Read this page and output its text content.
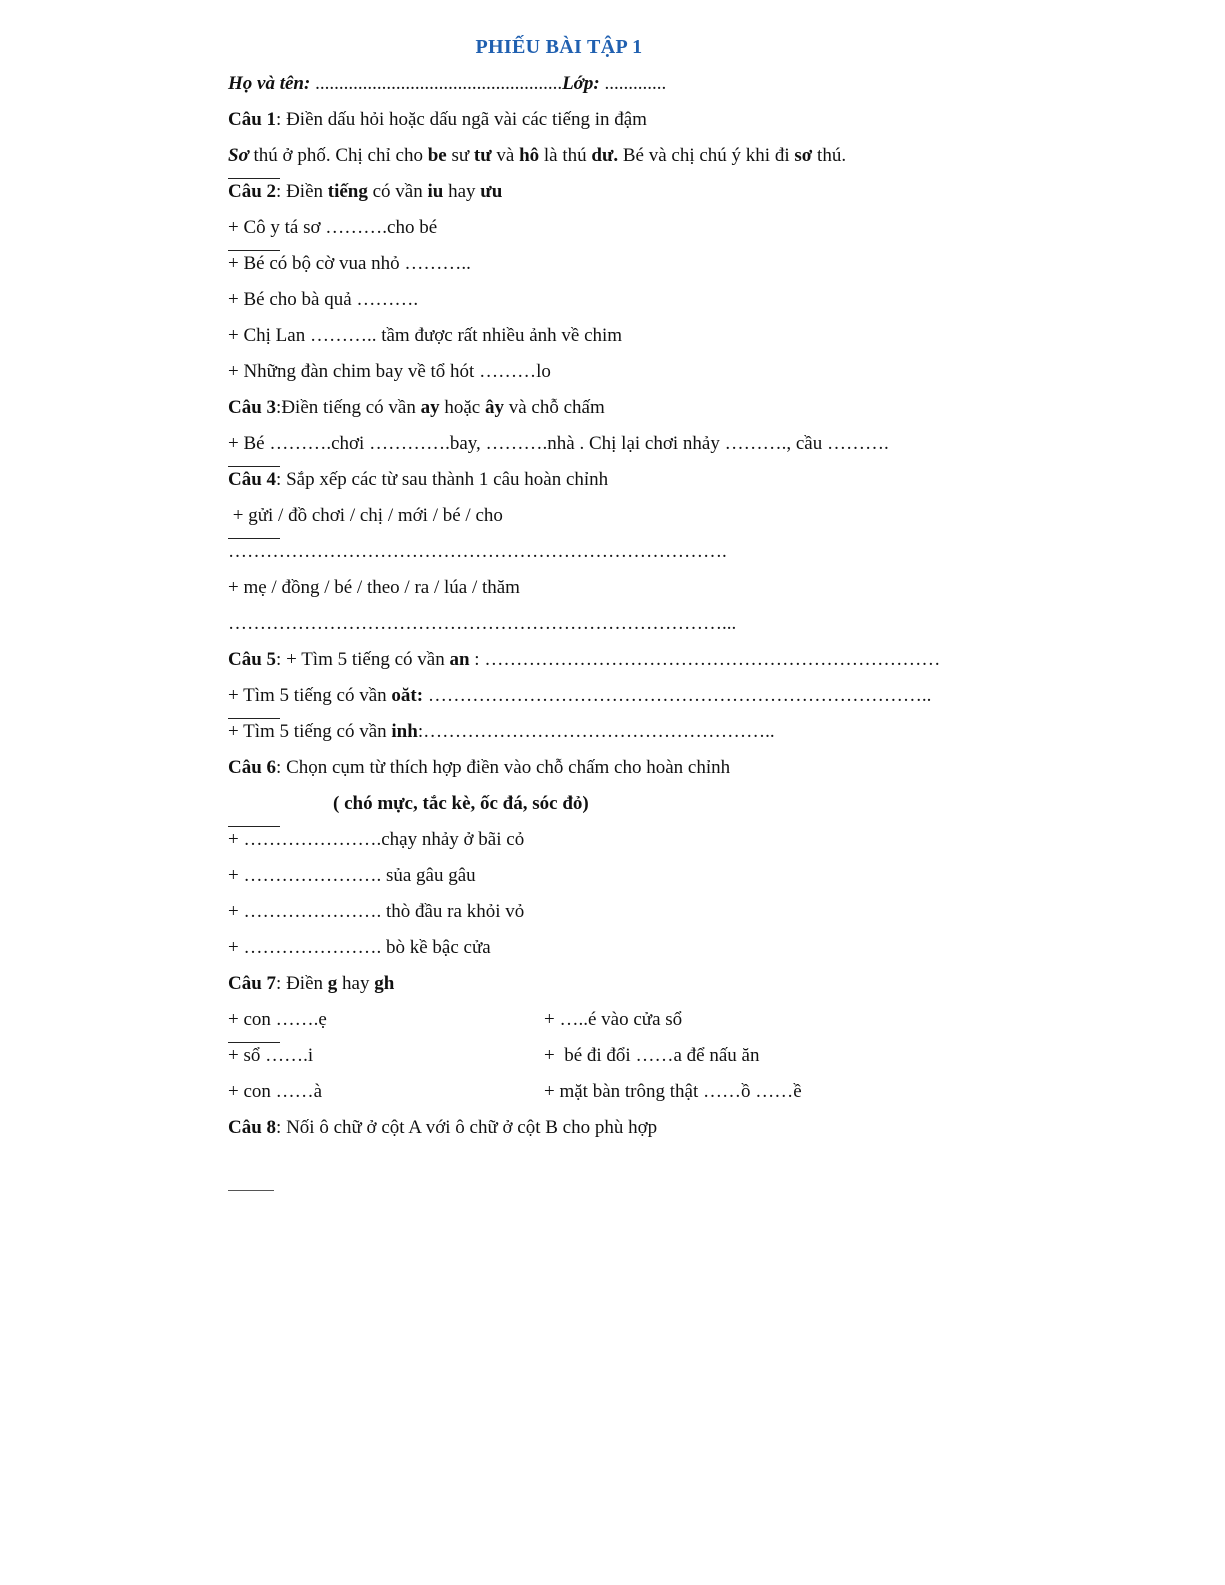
PHIẾU BÀI TẬP 1
Họ và tên: ....................................................Lớp: .............
Câu 1: Điền dấu hỏi hoặc dấu ngã vài các tiếng in đậm
Sơ thú ở phố. Chị chỉ cho be sư tư và hô là thú dư. Bé và chị chú ý khi đi sơ thú.
Câu 2: Điền tiếng có vần iu hay ưu
+ Cô y tá sơ ……….cho bé
+ Bé có bộ cờ vua nhỏ ………..
+ Bé cho bà quả ……….
+ Chị Lan ……….. tầm được rất nhiều ảnh về chim
+ Những đàn chim bay về tổ hót ………lo
Câu 3:Điền tiếng có vần ay hoặc ây và chỗ chấm
+ Bé ……….chơi ………….bay, ……….nhà . Chị lại chơi nhảy ………., cầu ……….
Câu 4: Sắp xếp các từ sau thành 1 câu hoàn chỉnh
+ gửi / đồ chơi / chị / mới / bé / cho
…………………………………………………………………….
+ mẹ / đồng / bé / theo / ra / lúa / thăm
……………………………………………………………………...
Câu 5: + Tìm 5 tiếng có vần an : ………………………………………………………………
+ Tìm 5 tiếng có vần oăt: ……………………………………………………………………..
+ Tìm 5 tiếng có vần inh:………………………………………………..
Câu 6: Chọn cụm từ thích hợp điền vào chỗ chấm cho hoàn chỉnh
( chó mực, tắc kè, ốc đá, sóc đỏ)
+ ………………….chạy nhảy ở bãi cỏ
+ …………………. sủa gâu gâu
+ …………………. thò đầu ra khỏi vỏ
+ …………………. bò kề bậc cửa
Câu 7: Điền g hay gh
+ con …….ẹ	+ …..é vào cửa sổ
+ sổ …….i	+  bé đi đổi ……a để nấu ăn
+ con ……à	+ mặt bàn trông thật ……ồ ……ề
Câu 8: Nối ô chữ ở cột A với ô chữ ở cột B cho phù hợp
